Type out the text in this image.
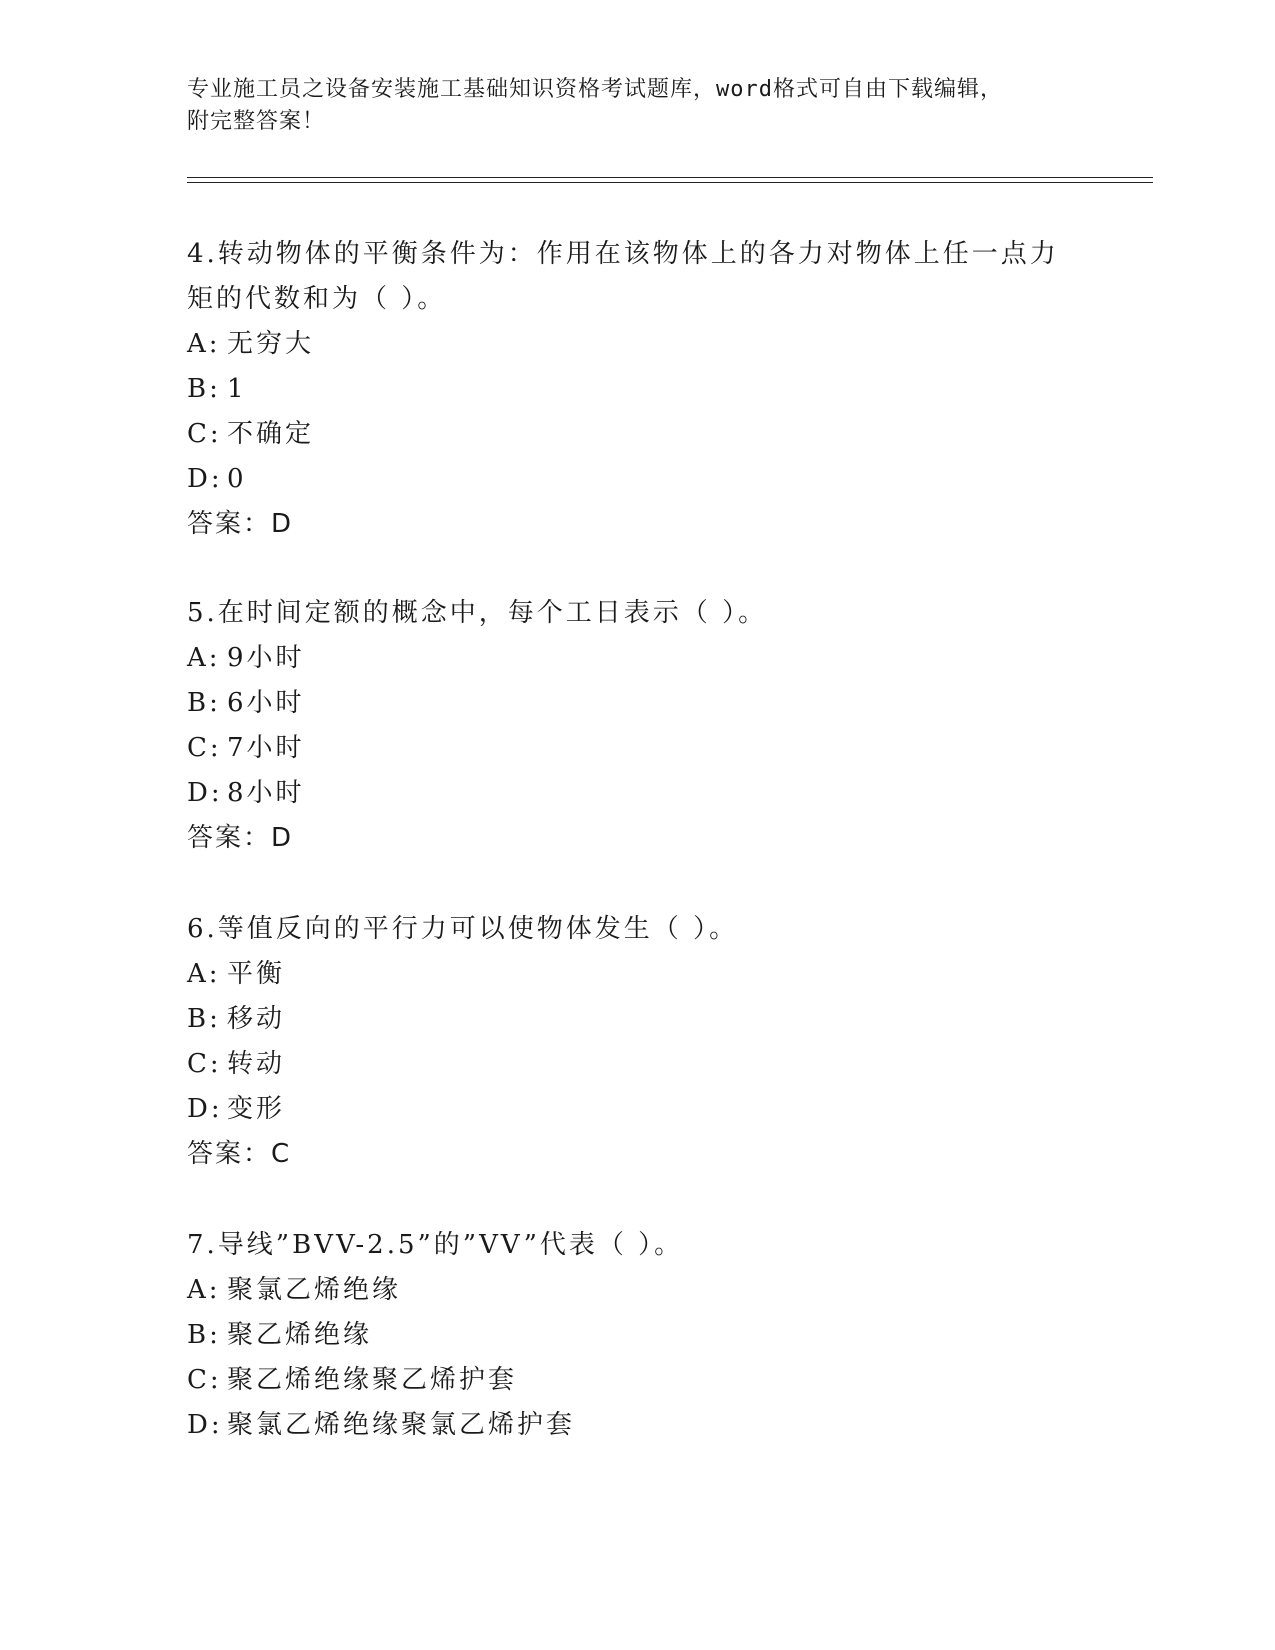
专业施工员之设备安装施工基础知识资格考试题库，word格式可自由下载编辑，
附完整答案！

4.转动物体的平衡条件为：作用在该物体上的各力对物体上任一点力

矩的代数和为（ ）。

A: 无穷大

B: 1

C: 不确定

D: 0

答案：D

5.在时间定额的概念中，每个工日表示（ ）。

A: 9小时

B: 6小时

C: 7小时

D: 8小时

答案：D

6.等值反向的平行力可以使物体发生（ ）。

A: 平衡

B: 移动

C: 转动

D: 变形

答案：C

7.导线”BVV-2.5”的”VV”代表（ ）。

A: 聚氯乙烯绝缘

B: 聚乙烯绝缘

C: 聚乙烯绝缘聚乙烯护套

D: 聚氯乙烯绝缘聚氯乙烯护套
